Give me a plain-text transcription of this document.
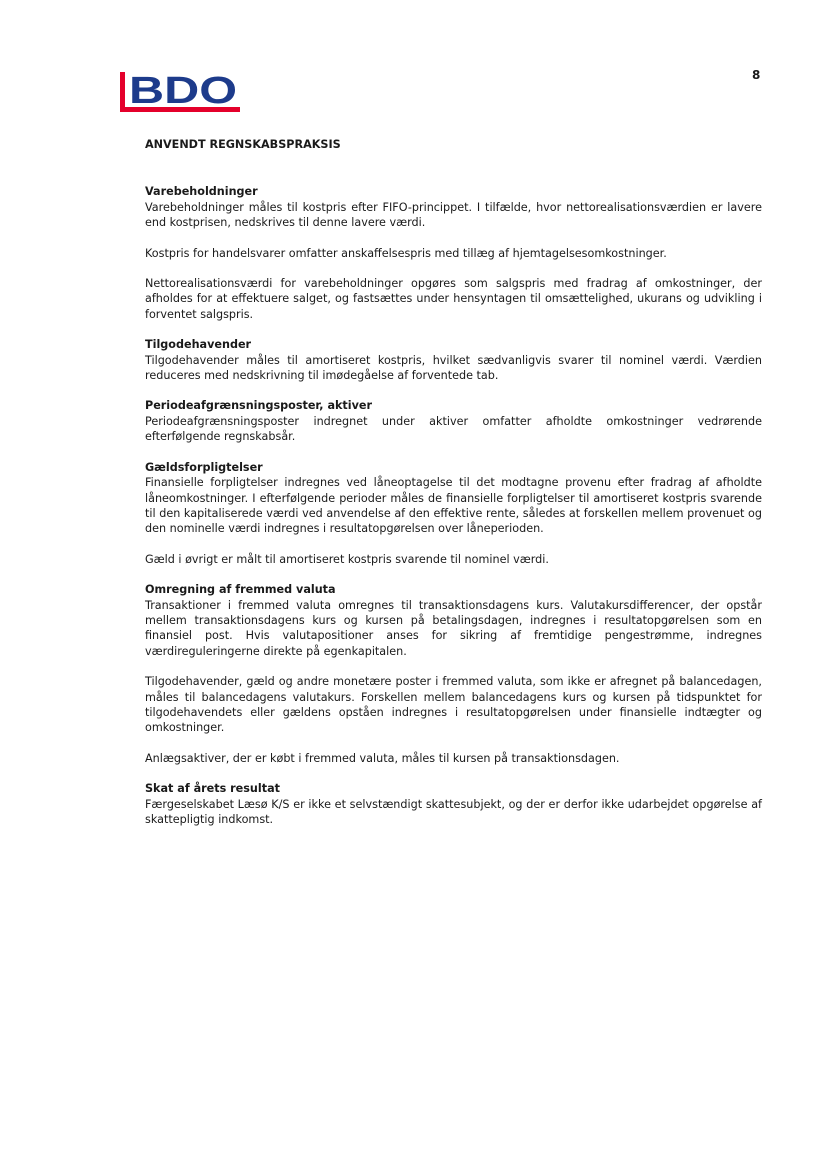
BDO	8
ANVENDT REGNSKABSPRAKSIS
Varebeholdninger

Varebeholdninger måles til kostpris efter FIFO-princippet. I tilfælde, hvor nettorealisationsværdien er lavere end kostprisen, nedskrives til denne lavere værdi.

Kostpris for handelsvarer omfatter anskaffelsespris med tillæg af hjemtagelsesomkostninger.

Nettorealisationsværdi for varebeholdninger opgøres som salgspris med fradrag af omkostninger, der afholdes for at effektuere salget, og fastsættes under hensyntagen til omsættelighed, ukurans og udvikling i forventet salgspris.

Tilgodehavender

Tilgodehavender måles til amortiseret kostpris, hvilket sædvanligvis svarer til nominel værdi. Værdien reduceres med nedskrivning til imødegåelse af forventede tab.

Periodeafgrænsningsposter, aktiver

Periodeafgrænsningsposter indregnet under aktiver omfatter afholdte omkostninger vedrørende efterfølgende regnskabsår.

Gældsforpligtelser

Finansielle forpligtelser indregnes ved låneoptagelse til det modtagne provenu efter fradrag af afholdte låneomkostninger. I efterfølgende perioder måles de finansielle forpligtelser til amortiseret kostpris svarende til den kapitaliserede værdi ved anvendelse af den effektive rente, således at forskellen mellem provenuet og den nominelle værdi indregnes i resultatopgørelsen over låneperioden.

Gæld i øvrigt er målt til amortiseret kostpris svarende til nominel værdi.

Omregning af fremmed valuta

Transaktioner i fremmed valuta omregnes til transaktionsdagens kurs. Valutakursdifferencer, der opstår mellem transaktionsdagens kurs og kursen på betalingsdagen, indregnes i resultatopgørelsen som en finansiel post. Hvis valutapositioner anses for sikring af fremtidige pengestrømme, indregnes værdireguleringerne direkte på egenkapitalen.

Tilgodehavender, gæld og andre monetære poster i fremmed valuta, som ikke er afregnet på balancedagen, måles til balancedagens valutakurs. Forskellen mellem balancedagens kurs og kursen på tidspunktet for tilgodehavendets eller gældens opståen indregnes i resultatopgørelsen under finansielle indtægter og omkostninger.

Anlægsaktiver, der er købt i fremmed valuta, måles til kursen på transaktionsdagen.

Skat af årets resultat

Færgeselskabet Læsø K/S er ikke et selvstændigt skattesubjekt, og der er derfor ikke udarbejdet opgørelse af skattepligtig indkomst.
